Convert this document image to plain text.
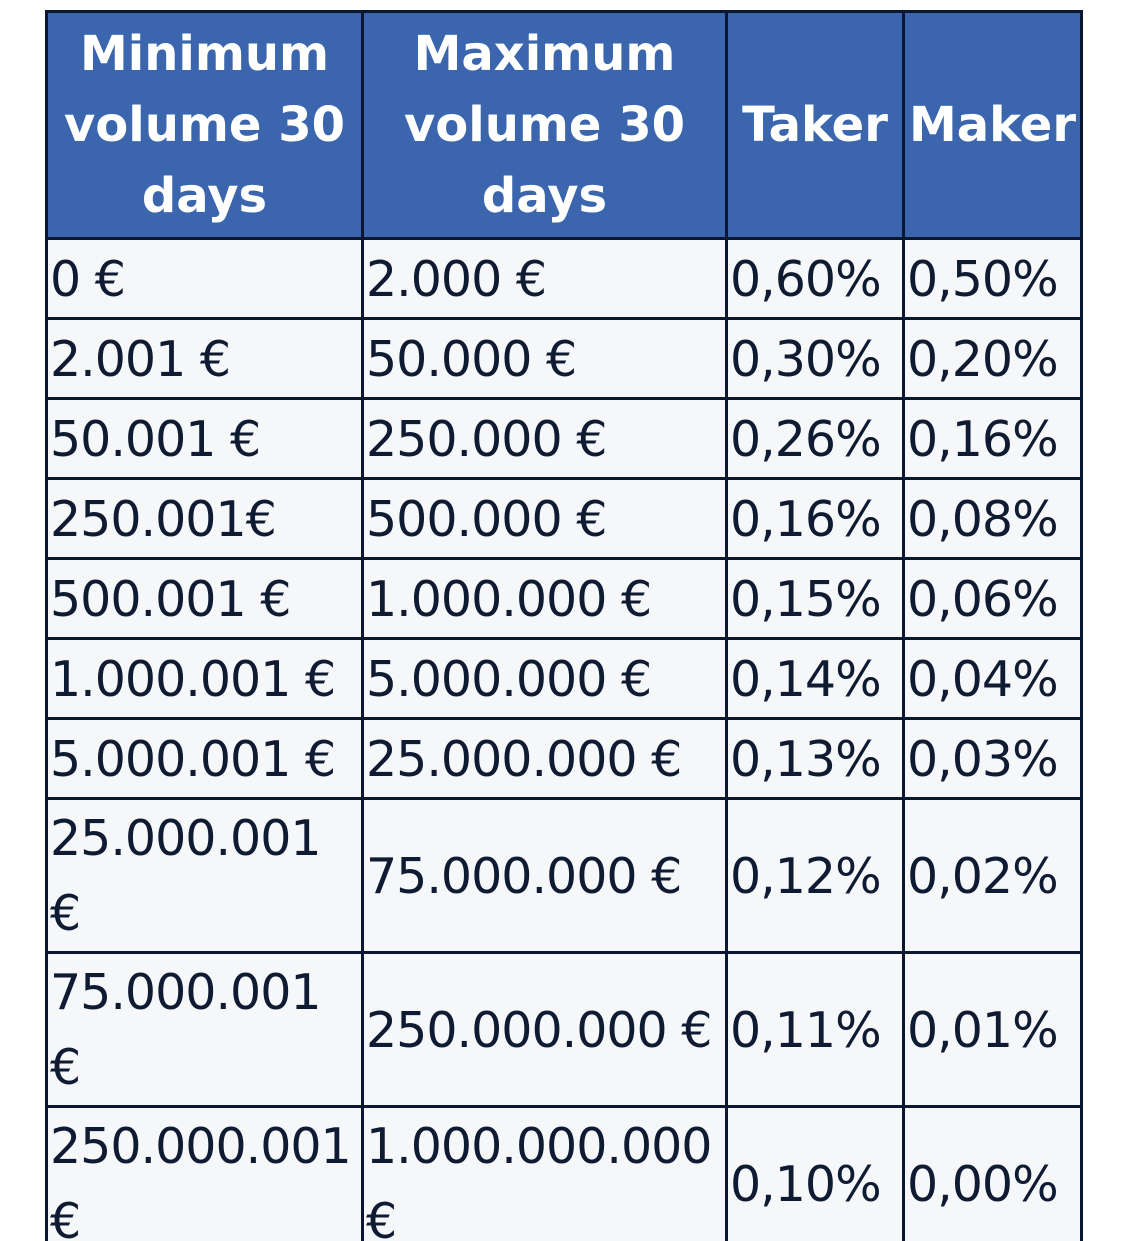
Minimum volume 30 days	Maximum volume 30 days	Taker	Maker
0 €	2.000 €	0,60%	0,50%
2.001 €	50.000 €	0,30%	0,20%
50.001 €	250.000 €	0,26%	0,16%
250.001€	500.000 €	0,16%	0,08%
500.001 €	1.000.000 €	0,15%	0,06%
1.000.001 €	5.000.000 €	0,14%	0,04%
5.000.001 €	25.000.000 €	0,13%	0,03%
25.000.001 €	75.000.000 €	0,12%	0,02%
75.000.001 €	250.000.000 €	0,11%	0,01%
250.000.001 €	1.000.000.000 €	0,10%	0,00%
